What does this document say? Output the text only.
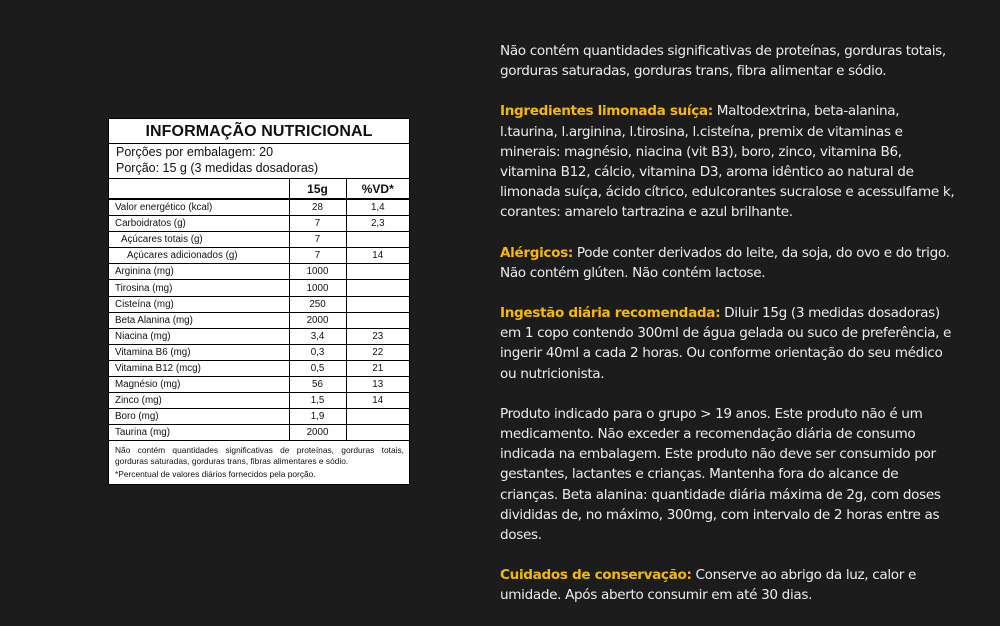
INFORMAÇÃO NUTRICIONAL
Porções por embalagem: 20
Porção: 15 g (3 medidas dosadoras)
	15g	%VD*
Valor energético (kcal)	28	1,4
Carboidratos (g)	7	2,3
Açúcares totais (g)	7	
Açúcares adicionados (g)	7	14
Arginina (mg)	1000	
Tirosina (mg)	1000	
Cisteína (mg)	250	
Beta Alanina (mg)	2000	
Niacina (mg)	3,4	23
Vitamina B6 (mg)	0,3	22
Vitamina B12 (mcg)	0,5	21
Magnésio (mg)	56	13
Zinco (mg)	1,5	14
Boro (mg)	1,9	
Taurina (mg)	2000	

Não contém quantidades significativas de proteínas, gorduras totais, gorduras saturadas, gorduras trans, fibras alimentares e sódio.

*Percentual de valores diários fornecidos pela porção.

Não contém quantidades significativas de proteínas, gorduras totais, gorduras saturadas, gorduras trans, fibra alimentar e sódio.

Ingredientes limonada suíça: Maltodextrina, beta-alanina, l.taurina, l.arginina, l.tirosina, l.cisteína, premix de vitaminas e minerais: magnésio, niacina (vit B3), boro, zinco, vitamina B6, vitamina B12, cálcio, vitamina D3, aroma idêntico ao natural de limonada suíça, ácido cítrico, edulcorantes sucralose e acessulfame k, corantes: amarelo tartrazina e azul brilhante.

Alérgicos: Pode conter derivados do leite, da soja, do ovo e do trigo. Não contém glúten. Não contém lactose.

Ingestão diária recomendada: Diluir 15g (3 medidas dosadoras) em 1 copo contendo 300ml de água gelada ou suco de preferência, e ingerir 40ml a cada 2 horas. Ou conforme orientação do seu médico ou nutricionista.

Produto indicado para o grupo > 19 anos. Este produto não é um medicamento. Não exceder a recomendação diária de consumo indicada na embalagem. Este produto não deve ser consumido por gestantes, lactantes e crianças. Mantenha fora do alcance de crianças. Beta alanina: quantidade diária máxima de 2g, com doses divididas de, no máximo, 300mg, com intervalo de 2 horas entre as doses.

Cuidados de conservação: Conserve ao abrigo da luz, calor e umidade. Após aberto consumir em até 30 dias.
